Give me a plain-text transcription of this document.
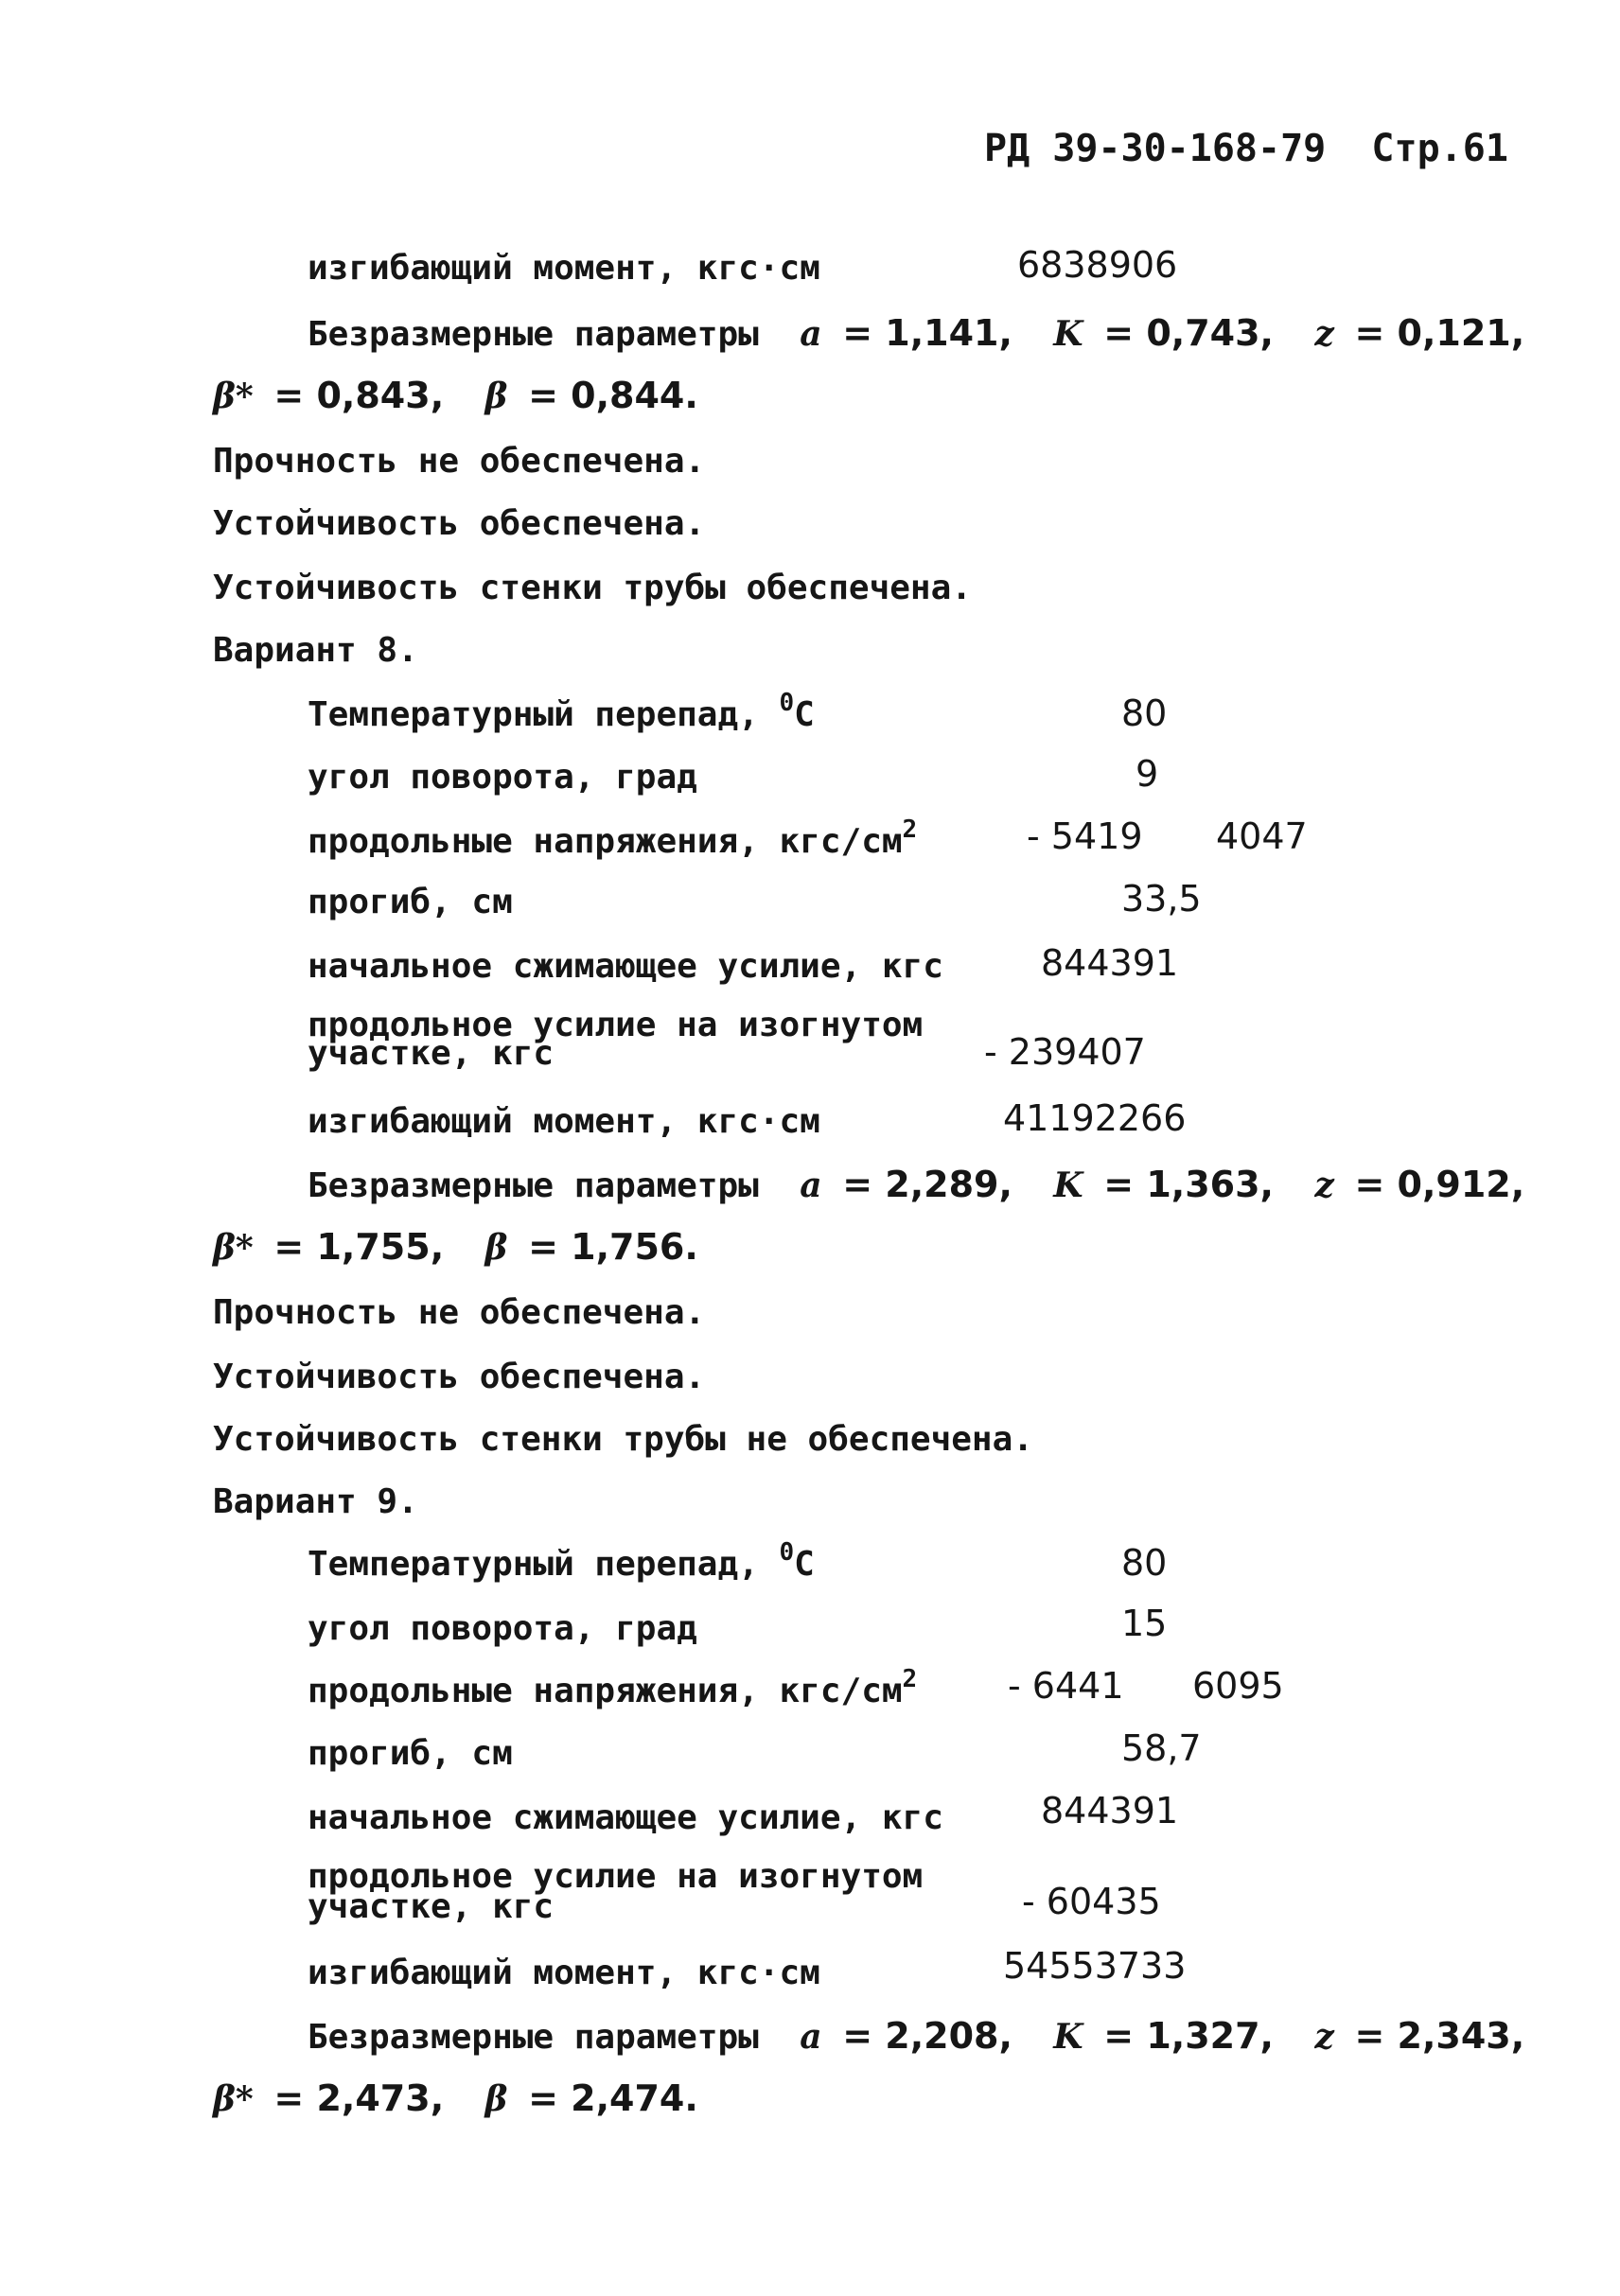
РД 39-30-168-79 Стр.61
изгибающий момент, кгс·см	6838906
Безразмерные параметры a = 1,141, K = 0,743, z = 0,121,
β* = 0,843, β = 0,844.
Прочность не обеспечена.
Устойчивость обеспечена.
Устойчивость стенки трубы обеспечена.
Вариант 8.
Температурный перепад, $^0$C	80
угол поворота, град	9
продольные напряжения, кгс/$см^2$	- 5419 4047
прогиб, см	33,5
начальное сжимающее усилие, кгс	844391
продольное усилие на изогнутом
участке, кгс	- 239407
изгибающий момент, кгс·см	41192266
Безразмерные параметры a = 2,289, K = 1,363, z = 0,912,
β* = 1,755, β = 1,756.
Прочность не обеспечена.
Устойчивость обеспечена.
Устойчивость стенки трубы не обеспечена.
Вариант 9.
Температурный перепад, $^0$C	80
угол поворота, град	15
продольные напряжения, кгс/$см^2$	- 6441 6095
прогиб, см	58,7
начальное сжимающее усилие, кгс	844391
продольное усилие на изогнутом
участке, кгс	- 60435
изгибающий момент, кгс·см	54553733
Безразмерные параметры a = 2,208, K = 1,327, z = 2,343,
β* = 2,473, β = 2,474.
